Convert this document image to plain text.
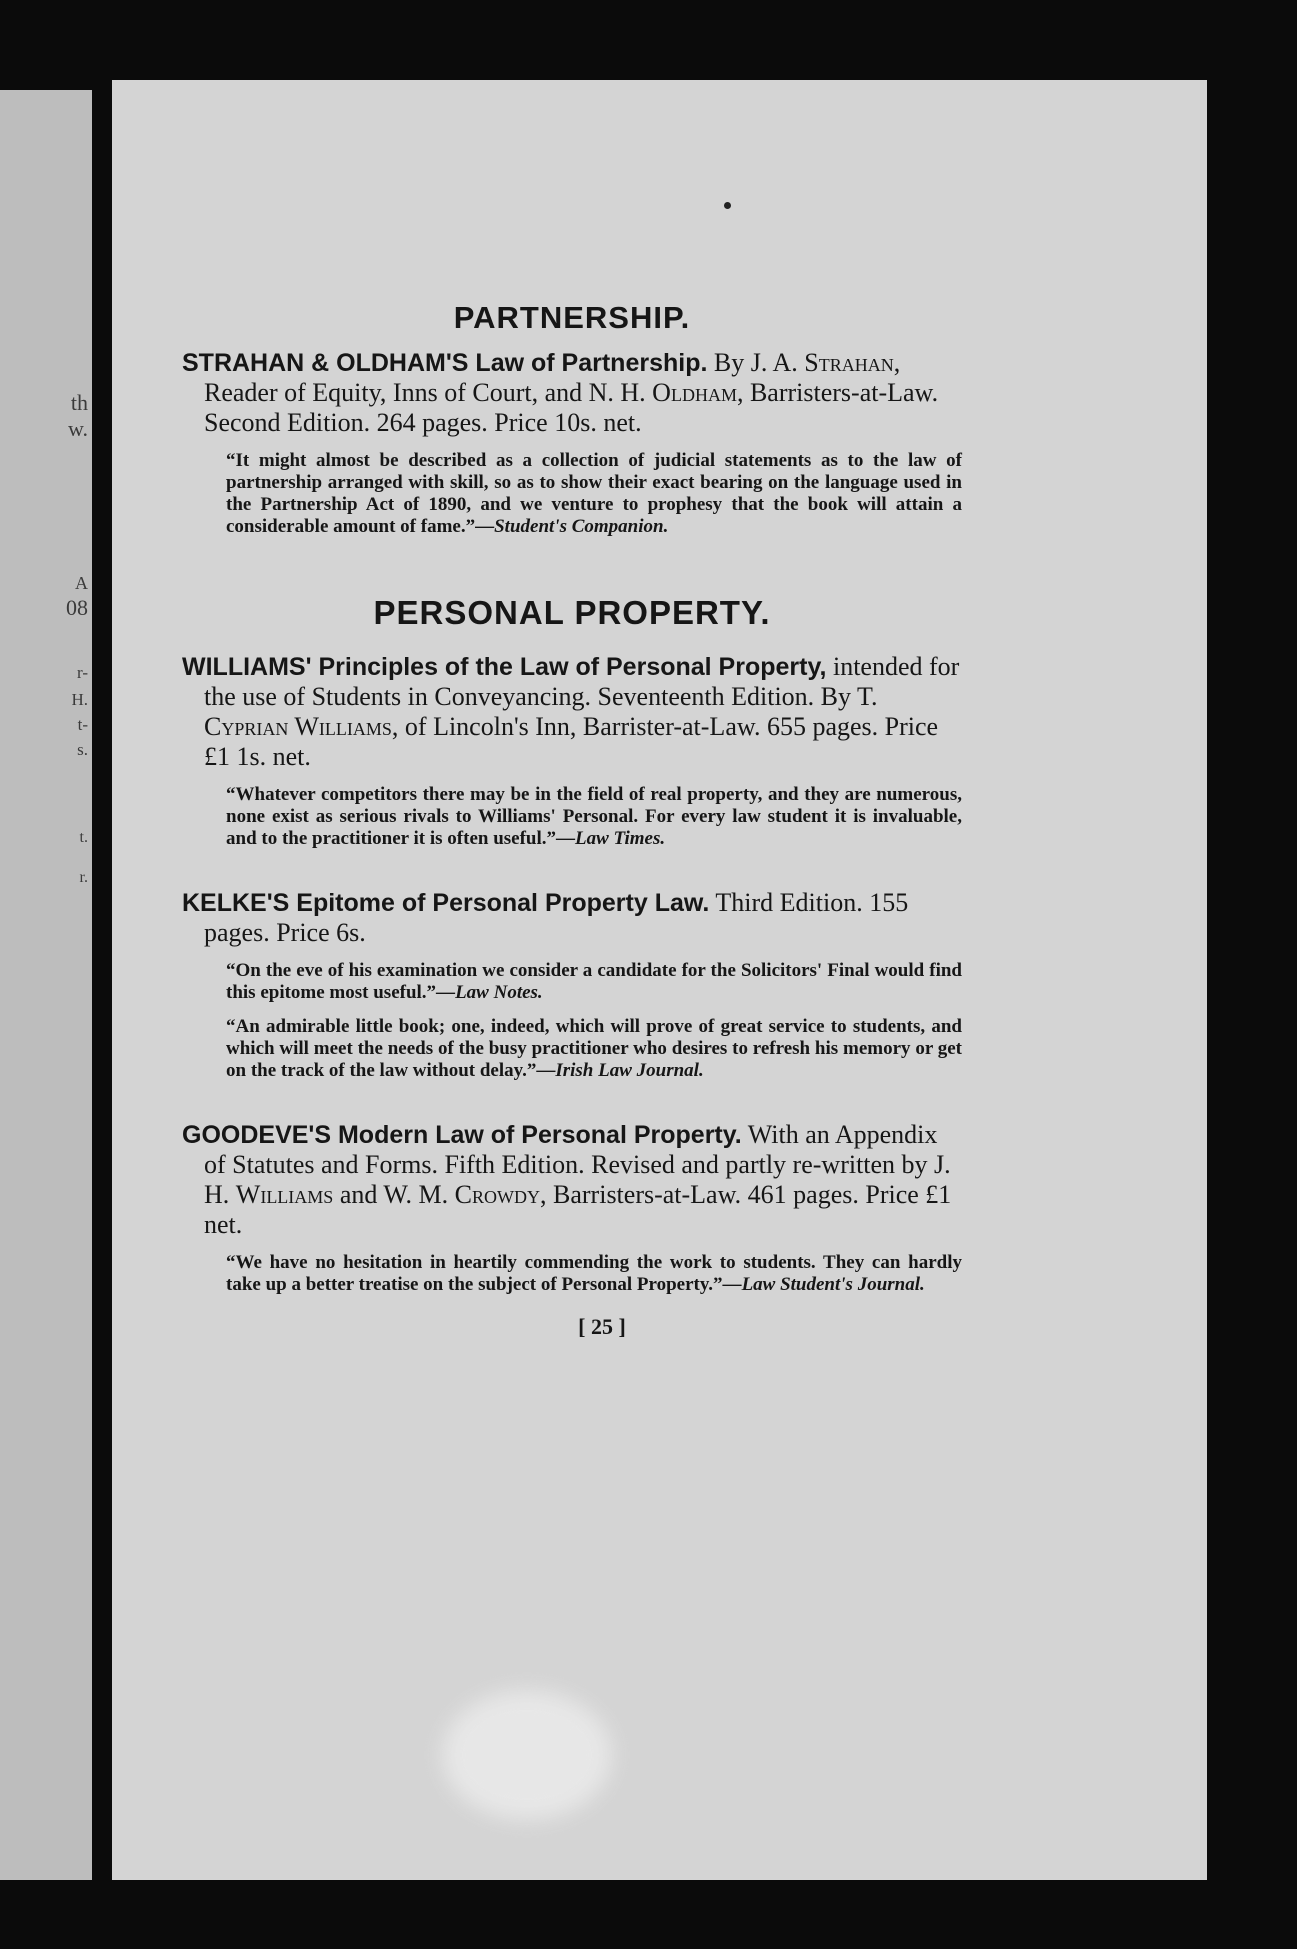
th
w.
A
08
r-
H.
t-
s.
t.
r.
PARTNERSHIP.

STRAHAN & OLDHAM'S Law of Partnership. By J. A. Strahan, Reader of Equity, Inns of Court, and N. H. Oldham, Barristers-at-Law. Second Edition. 264 pages. Price 10s. net.

“It might almost be described as a collection of judicial statements as to the law of partnership arranged with skill, so as to show their exact bearing on the language used in the Partnership Act of 1890, and we venture to prophesy that the book will attain a considerable amount of fame.”—Student's Companion.

PERSONAL PROPERTY.

WILLIAMS' Principles of the Law of Personal Property, intended for the use of Students in Conveyancing. Seventeenth Edition. By T. Cyprian Williams, of Lincoln's Inn, Barrister-at-Law. 655 pages. Price £1 1s. net.

“Whatever competitors there may be in the field of real property, and they are numerous, none exist as serious rivals to Williams' Personal. For every law student it is invaluable, and to the practitioner it is often useful.”—Law Times.

KELKE'S Epitome of Personal Property Law. Third Edition. 155 pages. Price 6s.

“On the eve of his examination we consider a candidate for the Solicitors' Final would find this epitome most useful.”—Law Notes.

“An admirable little book; one, indeed, which will prove of great service to students, and which will meet the needs of the busy practitioner who desires to refresh his memory or get on the track of the law without delay.”—Irish Law Journal.

GOODEVE'S Modern Law of Personal Property. With an Appendix of Statutes and Forms. Fifth Edition. Revised and partly re-written by J. H. Williams and W. M. Crowdy, Barristers-at-Law. 461 pages. Price £1 net.

“We have no hesitation in heartily commending the work to students. They can hardly take up a better treatise on the subject of Personal Property.”—Law Student's Journal.

[ 25 ]
